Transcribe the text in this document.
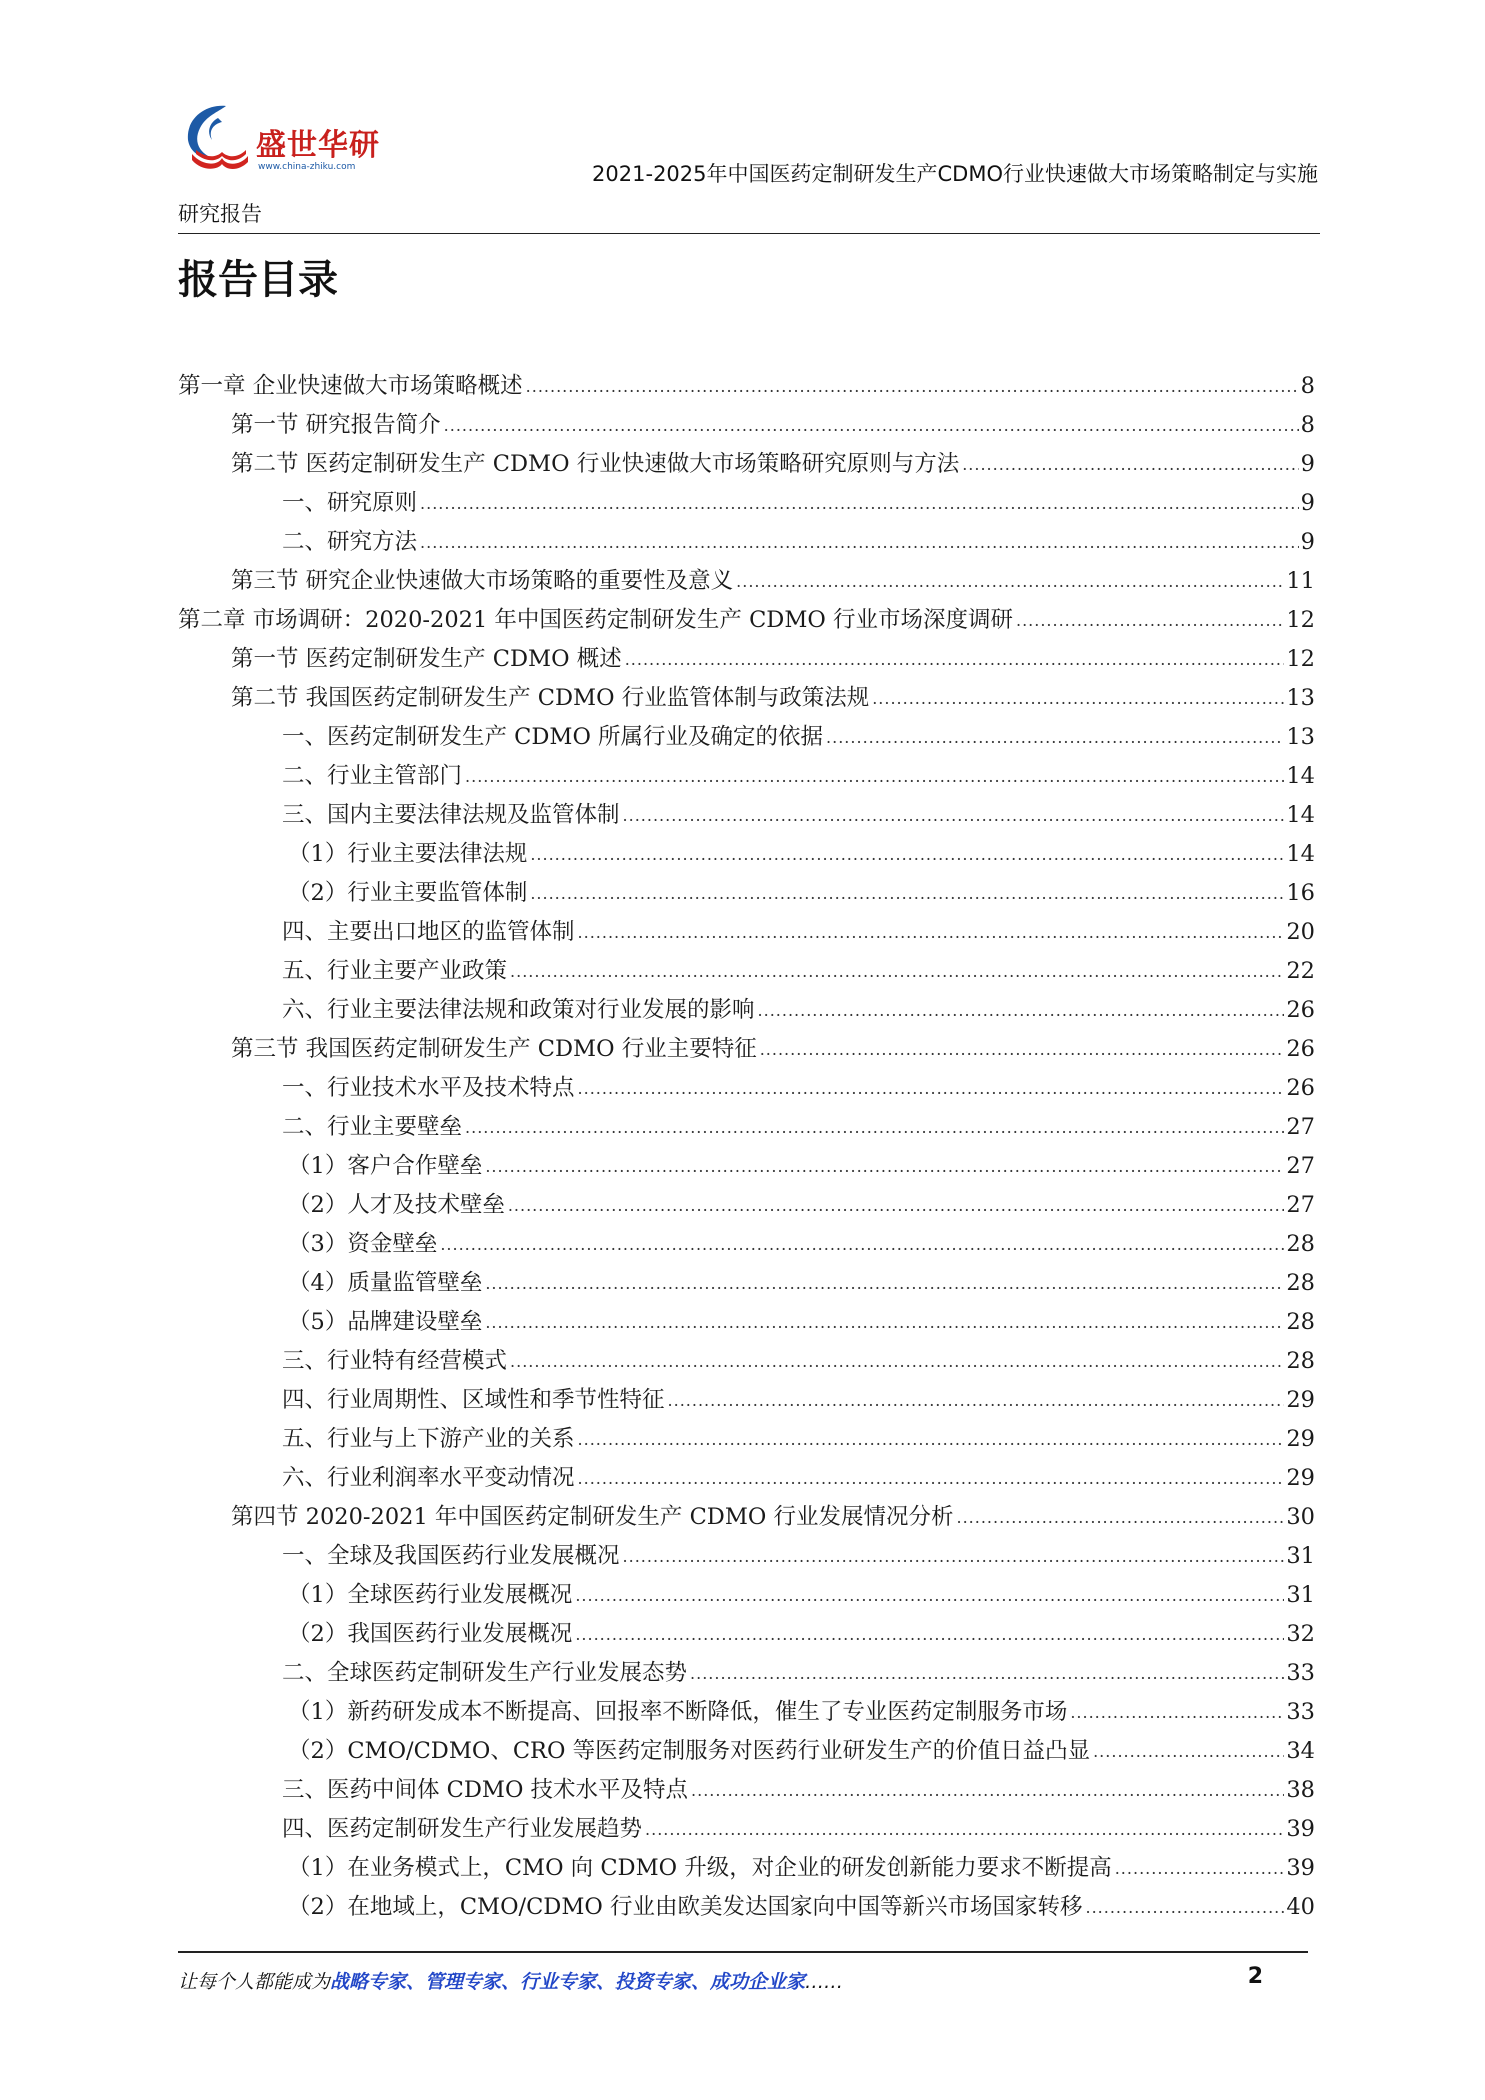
盛世华研
www.china-zhiku.com	2021-2025年中国医药定制研发生产CDMO行业快速做大市场策略制定与实施
研究报告
报告目录
第一章 企业快速做大市场策略概述 .....	8
第一节 研究报告简介 .....	8
第二节 医药定制研发生产 CDMO 行业快速做大市场策略研究原则与方法 .....	9
一、研究原则 .....	9
二、研究方法 .....	9
第三节 研究企业快速做大市场策略的重要性及意义 .....	11
第二章 市场调研：2020-2021 年中国医药定制研发生产 CDMO 行业市场深度调研 .....	12
第一节 医药定制研发生产 CDMO 概述 .....	12
第二节 我国医药定制研发生产 CDMO 行业监管体制与政策法规 .....	13
一、医药定制研发生产 CDMO 所属行业及确定的依据 .....	13
二、行业主管部门 .....	14
三、国内主要法律法规及监管体制 .....	14
（1）行业主要法律法规 .....	14
（2）行业主要监管体制 .....	16
四、主要出口地区的监管体制 .....	20
五、行业主要产业政策 .....	22
六、行业主要法律法规和政策对行业发展的影响 .....	26
第三节 我国医药定制研发生产 CDMO 行业主要特征 .....	26
一、行业技术水平及技术特点 .....	26
二、行业主要壁垒 .....	27
（1）客户合作壁垒 .....	27
（2）人才及技术壁垒 .....	27
（3）资金壁垒 .....	28
（4）质量监管壁垒 .....	28
（5）品牌建设壁垒 .....	28
三、行业特有经营模式 .....	28
四、行业周期性、区域性和季节性特征 .....	29
五、行业与上下游产业的关系 .....	29
六、行业利润率水平变动情况 .....	29
第四节 2020-2021 年中国医药定制研发生产 CDMO 行业发展情况分析 .....	30
一、全球及我国医药行业发展概况 .....	31
（1）全球医药行业发展概况 .....	31
（2）我国医药行业发展概况 .....	32
二、全球医药定制研发生产行业发展态势 .....	33
（1）新药研发成本不断提高、回报率不断降低，催生了专业医药定制服务市场 .....	33
（2）CMO/CDMO、CRO 等医药定制服务对医药行业研发生产的价值日益凸显 .....	34
三、医药中间体 CDMO 技术水平及特点 .....	38
四、医药定制研发生产行业发展趋势 .....	39
（1）在业务模式上，CMO 向 CDMO 升级，对企业的研发创新能力要求不断提高 .....	39
（2）在地域上，CMO/CDMO 行业由欧美发达国家向中国等新兴市场国家转移 .....	40
让每个人都能成为战略专家、管理专家、行业专家、投资专家、成功企业家……	2
